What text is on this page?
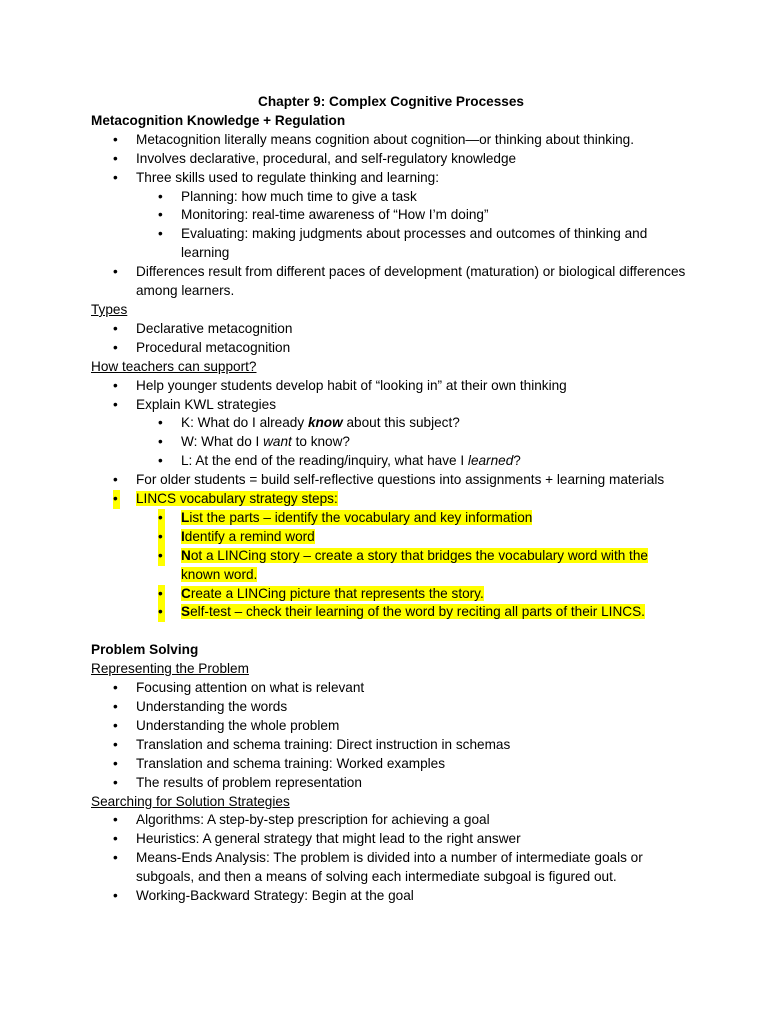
Chapter 9: Complex Cognitive Processes

Metacognition Knowledge + Regulation

• Metacognition literally means cognition about cognition—or thinking about thinking.
• Involves declarative, procedural, and self-regulatory knowledge
• Three skills used to regulate thinking and learning:
• Planning: how much time to give a task
• Monitoring: real-time awareness of “How I’m doing”
• Evaluating: making judgments about processes and outcomes of thinking and learning
• Differences result from different paces of development (maturation) or biological differences among learners.

Types

• Declarative metacognition
• Procedural metacognition

How teachers can support?

• Help younger students develop habit of “looking in” at their own thinking
• Explain KWL strategies
• K: What do I already know about this subject?
• W: What do I want to know?
• L: At the end of the reading/inquiry, what have I learned?
• For older students = build self-reflective questions into assignments + learning materials
• LINCS vocabulary strategy steps:
• List the parts – identify the vocabulary and key information
• Identify a remind word
• Not a LINCing story – create a story that bridges the vocabulary word with the known word.
• Create a LINCing picture that represents the story.
• Self-test – check their learning of the word by reciting all parts of their LINCS.

Problem Solving

Representing the Problem

• Focusing attention on what is relevant
• Understanding the words
• Understanding the whole problem
• Translation and schema training: Direct instruction in schemas
• Translation and schema training: Worked examples
• The results of problem representation

Searching for Solution Strategies

• Algorithms: A step-by-step prescription for achieving a goal
• Heuristics: A general strategy that might lead to the right answer
• Means-Ends Analysis: The problem is divided into a number of intermediate goals or subgoals, and then a means of solving each intermediate subgoal is figured out.
• Working-Backward Strategy: Begin at the goal
